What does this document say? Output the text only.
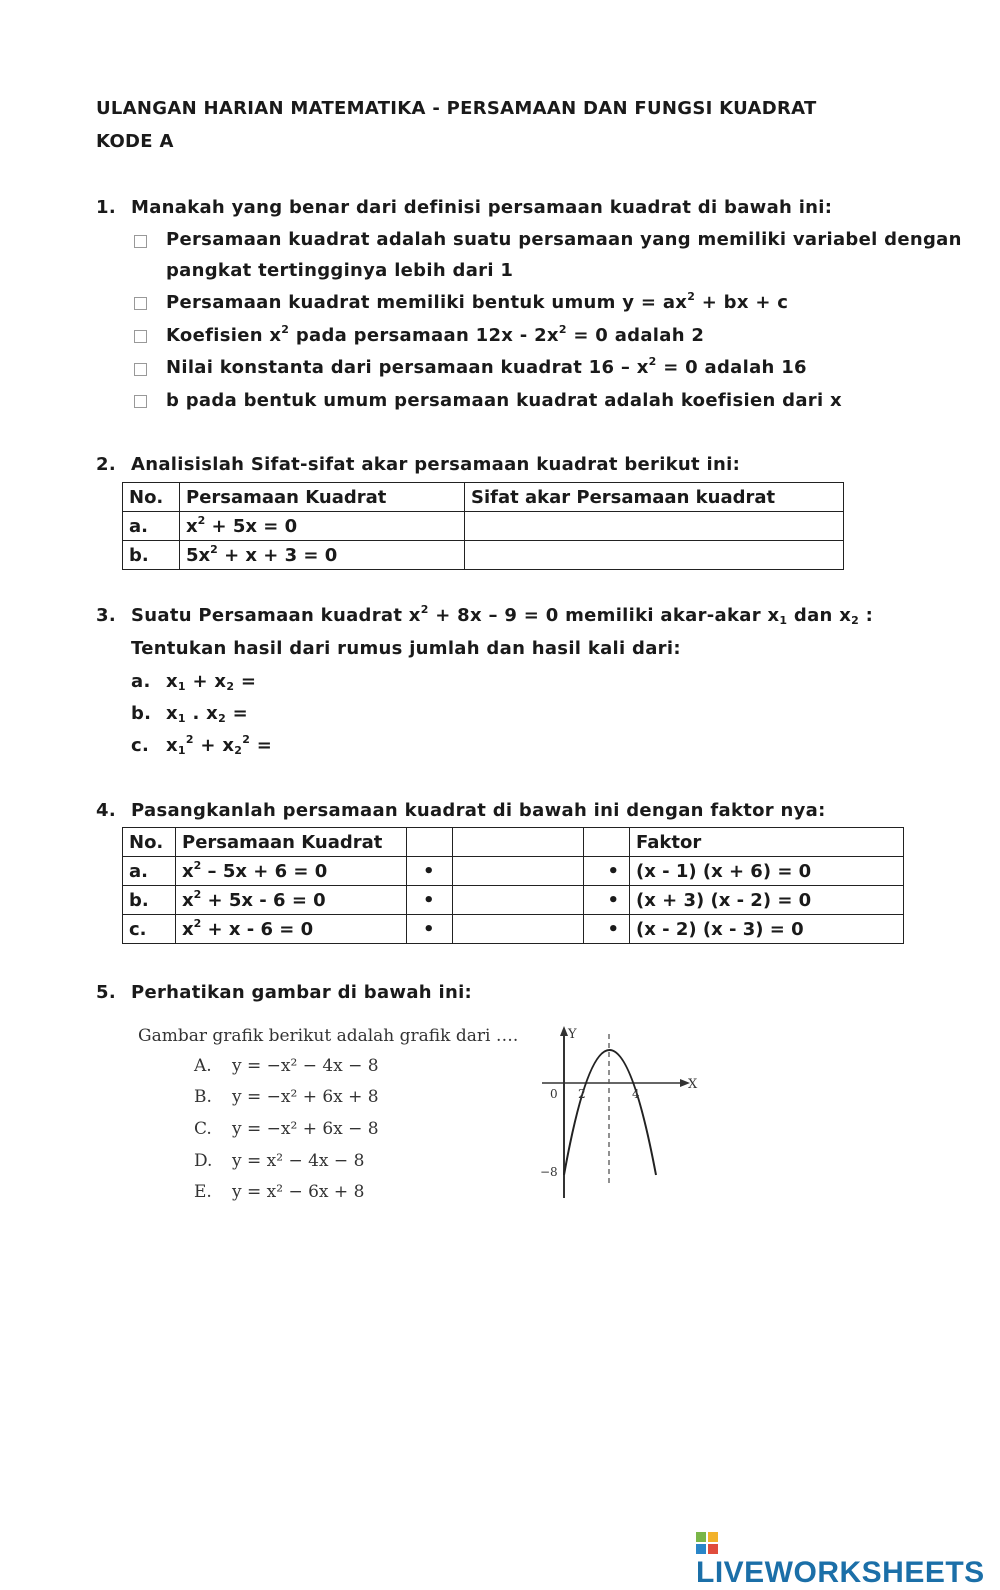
ULANGAN HARIAN MATEMATIKA - PERSAMAAN DAN FUNGSI KUADRAT
KODE A
1. Manakah yang benar dari definisi persamaan kuadrat di bawah ini:
Persamaan kuadrat adalah suatu persamaan yang memiliki variabel dengan
pangkat tertingginya lebih dari 1
Persamaan kuadrat memiliki bentuk umum $y = ax^2$ + bx + c
Koefisien $x^2$ pada persamaan $12x - 2x^2 = 0$ adalah 2
Nilai konstanta dari persamaan kuadrat $16 - x^2 = 0$ adalah 16
b pada bentuk umum persamaan kuadrat adalah koefisien dari x
2. Analisislah Sifat-sifat akar persamaan kuadrat berikut ini:
No.	Persamaan Kuadrat	Sifat akar Persamaan kuadrat
a.	$x^2 + 5x = 0$	
b.	$5x^2 + x + 3 = 0$	
3. Suatu Persamaan kuadrat $x^2 + 8x - 9 = 0$ memiliki akar-akar $x_1$ dan $x_2$ :
Tentukan hasil dari rumus jumlah dan hasil kali dari:
a. $x_1 + x_2$ =
b. $x_1$ . $x_2$ =
c. $x_1^2 + x_2^2$ =
4. Pasangkanlah persamaan kuadrat di bawah ini dengan faktor nya:
No.	Persamaan Kuadrat				Faktor
a.	$x^2 - 5x + 6 = 0$	•		•	(x - 1) (x + 6) = 0
b.	$x^2 + 5x - 6 = 0$	•		•	(x + 3) (x - 2) = 0
c.	$x^2 + x - 6 = 0$	•		•	(x - 2) (x - 3) = 0
5. Perhatikan gambar di bawah ini:
Gambar grafik berikut adalah grafik dari ….
A. y = −x² − 4x − 8
B. y = −x² + 6x + 8
C. y = −x² + 6x − 8
D. y = x² − 4x − 8
E. y = x² − 6x + 8
Y
X
0 2	4
−8
LIVEWORKSHEETS
